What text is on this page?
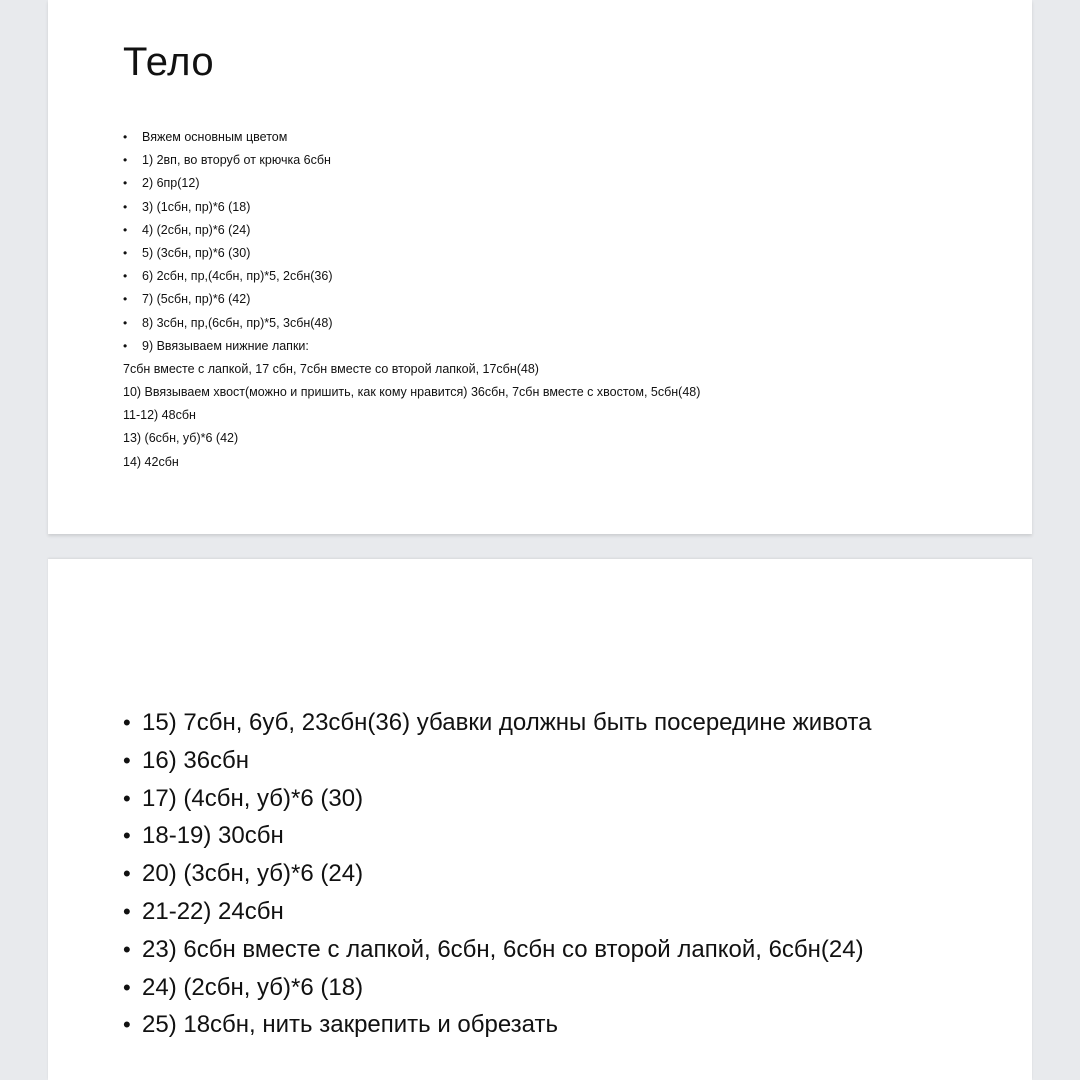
Тело
• Вяжем основным цветом
• 1) 2вп, во вторуб от крючка 6сбн
• 2) 6пр(12)
• 3) (1сбн, пр)*6 (18)
• 4) (2сбн, пр)*6 (24)
• 5) (3сбн, пр)*6 (30)
• 6) 2сбн, пр,(4сбн, пр)*5, 2сбн(36)
• 7) (5сбн, пр)*6 (42)
• 8) 3сбн, пр,(6сбн, пр)*5, 3сбн(48)
• 9) Ввязываем нижние лапки:
7сбн вместе с лапкой, 17 сбн, 7сбн вместе со второй лапкой, 17сбн(48)
10) Ввязываем хвост(можно и пришить, как кому нравится) 36сбн, 7сбн вместе с хвостом, 5сбн(48)
11-12) 48сбн
13) (6сбн, уб)*6 (42)
14) 42сбн
• 15) 7сбн, 6уб, 23сбн(36) убавки должны быть посередине живота
• 16) 36сбн
• 17) (4сбн, уб)*6 (30)
• 18-19) 30сбн
• 20) (3сбн, уб)*6 (24)
• 21-22) 24сбн
• 23) 6сбн вместе с лапкой, 6сбн, 6сбн со второй лапкой, 6сбн(24)
• 24) (2сбн, уб)*6 (18)
• 25) 18сбн, нить закрепить и обрезать
